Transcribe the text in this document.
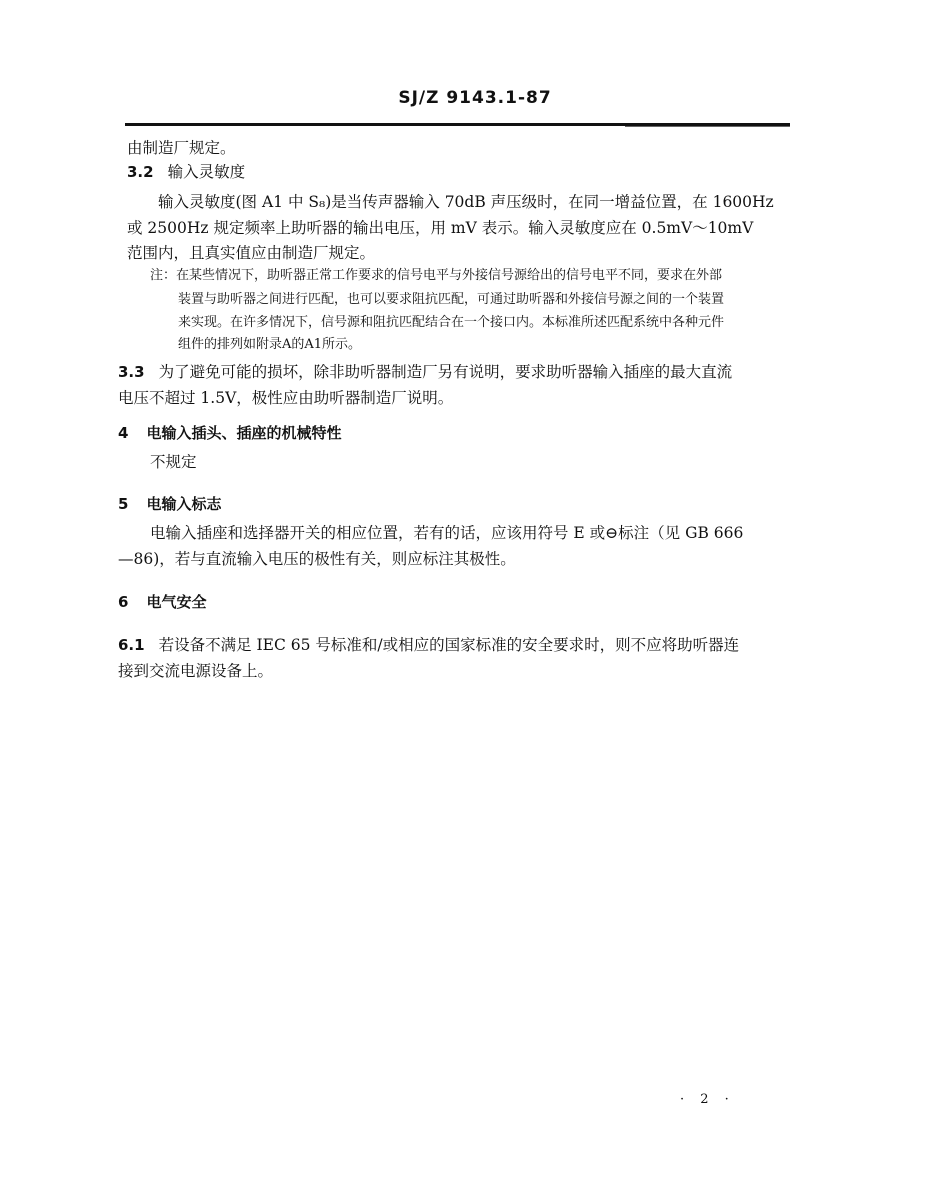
SJ/Z 9143.1-87
由制造厂规定。
3.2 输入灵敏度
输入灵敏度(图 A1 中 S₈)是当传声器输入 70dB 声压级时，在同一增益位置，在 1600Hz
或 2500Hz 规定频率上助听器的输出电压，用 mV 表示。输入灵敏度应在 0.5mV～10mV
范围内，且真实值应由制造厂规定。
注：在某些情况下，助听器正常工作要求的信号电平与外接信号源给出的信号电平不同，要求在外部
装置与助听器之间进行匹配，也可以要求阻抗匹配，可通过助听器和外接信号源之间的一个装置
来实现。在许多情况下，信号源和阻抗匹配结合在一个接口内。本标准所述匹配系统中各种元件
组件的排列如附录A的A1所示。
3.3 为了避免可能的损坏，除非助听器制造厂另有说明，要求助听器输入插座的最大直流
电压不超过 1.5V，极性应由助听器制造厂说明。
4 电输入插头、插座的机械特性
不规定
5 电输入标志
电输入插座和选择器开关的相应位置，若有的话，应该用符号 E 或⊖标注（见 GB 666
—86)，若与直流输入电压的极性有关，则应标注其极性。
6 电气安全
6.1 若设备不满足 IEC 65 号标准和/或相应的国家标准的安全要求时，则不应将助听器连
接到交流电源设备上。
· 2 ·
